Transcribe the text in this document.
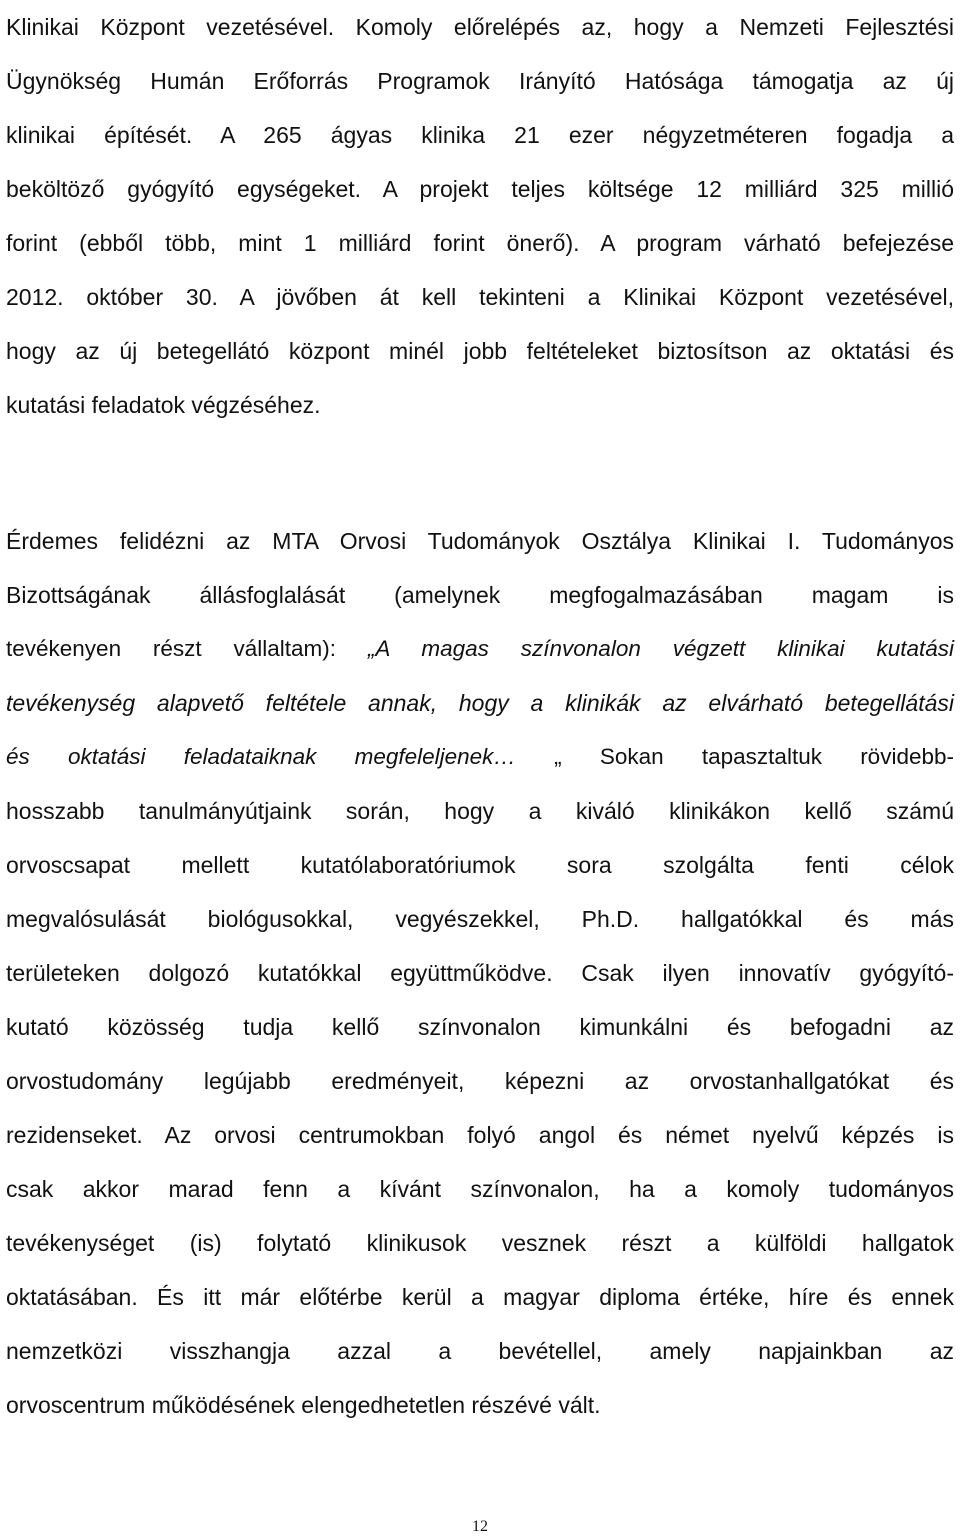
Klinikai Központ vezetésével. Komoly előrelépés az, hogy a Nemzeti Fejlesztési
Ügynökség Humán Erőforrás Programok Irányító Hatósága támogatja az új
klinikai építését. A 265 ágyas klinika 21 ezer négyzetméteren fogadja a
beköltöző gyógyító egységeket. A projekt teljes költsége 12 milliárd 325 millió
forint (ebből több, mint 1 milliárd forint önerő). A program várható befejezése
2012. október 30. A jövőben át kell tekinteni a Klinikai Központ vezetésével,
hogy az új betegellátó központ minél jobb feltételeket biztosítson az oktatási és
kutatási feladatok végzéséhez.
Érdemes felidézni az MTA Orvosi Tudományok Osztálya Klinikai I. Tudományos
Bizottságának állásfoglalását (amelynek megfogalmazásában magam is
tevékenyen részt vállaltam): „A magas színvonalon végzett klinikai kutatási
tevékenység alapvető feltétele annak, hogy a klinikák az elvárható betegellátási
és oktatási feladataiknak megfeleljenek… „ Sokan tapasztaltuk rövidebb-
hosszabb tanulmányútjaink során, hogy a kiváló klinikákon kellő számú
orvoscsapat mellett kutatólaboratóriumok sora szolgálta fenti célok
megvalósulását biológusokkal, vegyészekkel, Ph.D. hallgatókkal és más
területeken dolgozó kutatókkal együttműködve. Csak ilyen innovatív gyógyító-
kutató közösség tudja kellő színvonalon kimunkálni és befogadni az
orvostudomány legújabb eredményeit, képezni az orvostanhallgatókat és
rezidenseket. Az orvosi centrumokban folyó angol és német nyelvű képzés is
csak akkor marad fenn a kívánt színvonalon, ha a komoly tudományos
tevékenységet (is) folytató klinikusok vesznek részt a külföldi hallgatok
oktatásában. És itt már előtérbe kerül a magyar diploma értéke, híre és ennek
nemzetközi visszhangja azzal a bevétellel, amely napjainkban az
orvoscentrum működésének elengedhetetlen részévé vált.
12
